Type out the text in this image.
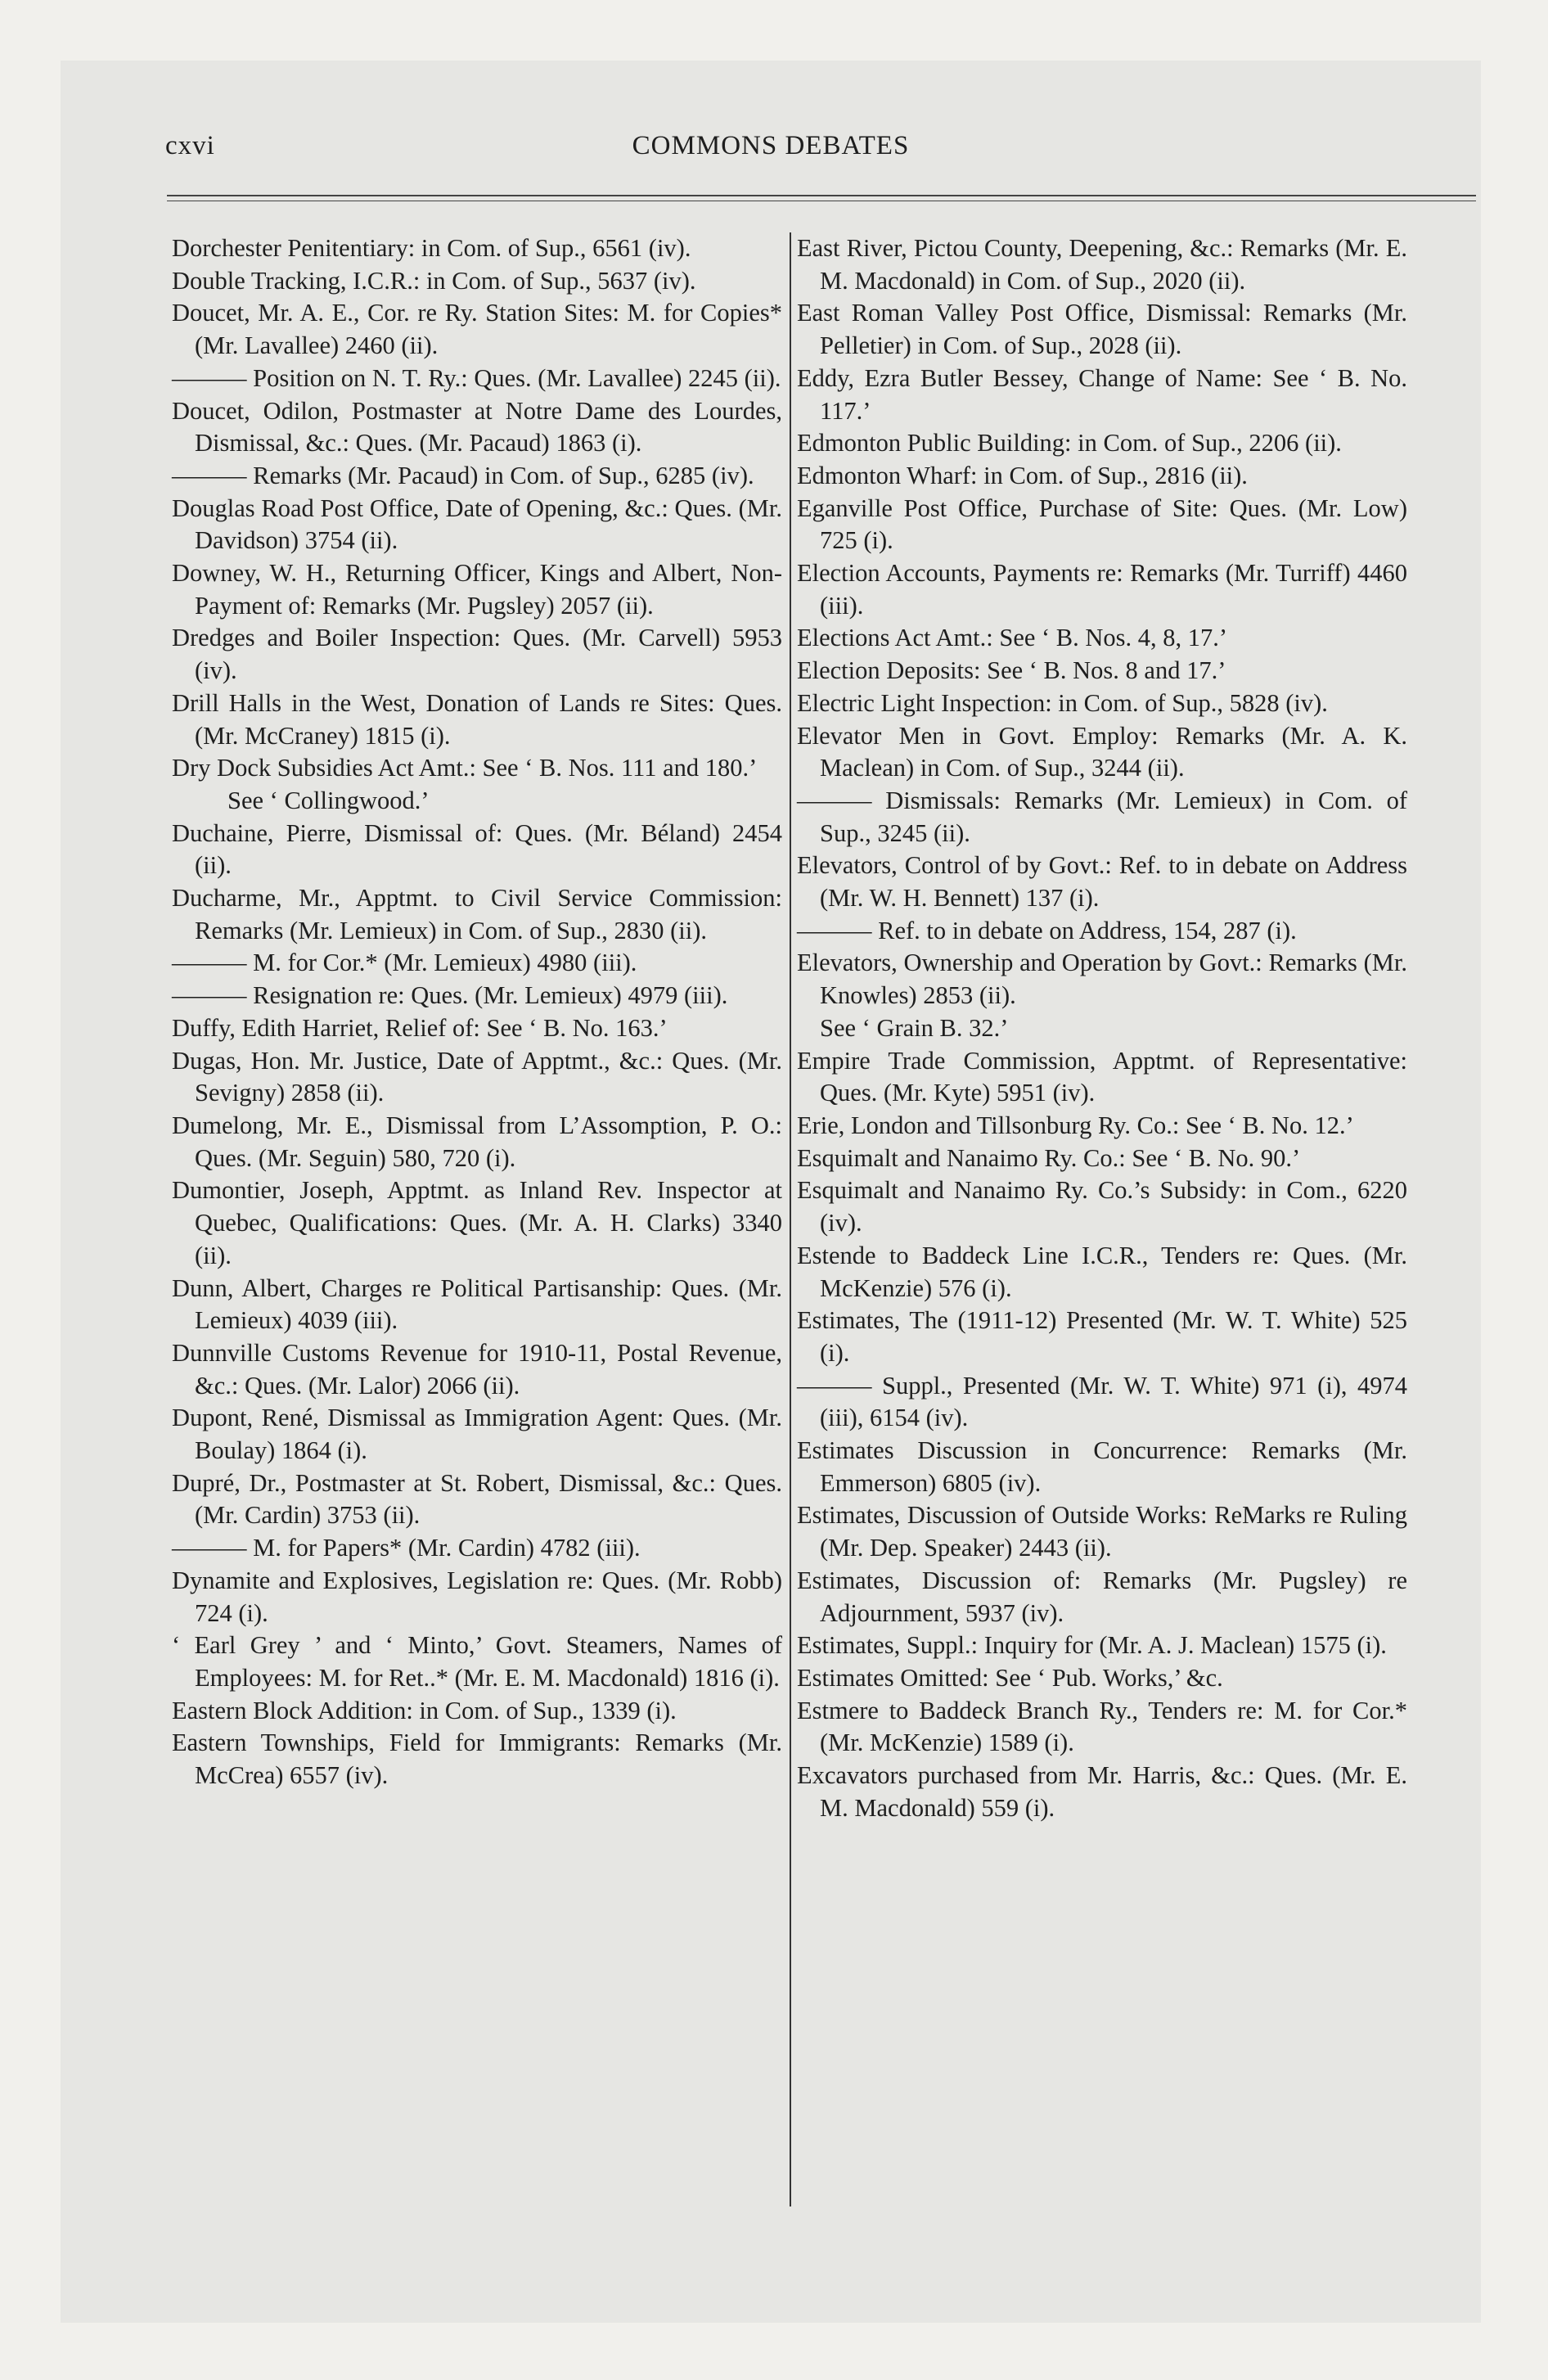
cxvi	COMMONS DEBATES

Dorchester Penitentiary: in Com. of Sup., 6561 (iv).

Double Tracking, I.C.R.: in Com. of Sup., 5637 (iv).

Doucet, Mr. A. E., Cor. re Ry. Station Sites: M. for Copies* (Mr. Lavallee) 2460 (ii).

——— Position on N. T. Ry.: Ques. (Mr. Lavallee) 2245 (ii).

Doucet, Odilon, Postmaster at Notre Dame des Lourdes, Dismissal, &c.: Ques. (Mr. Pacaud) 1863 (i).

——— Remarks (Mr. Pacaud) in Com. of Sup., 6285 (iv).

Douglas Road Post Office, Date of Opening, &c.: Ques. (Mr. Davidson) 3754 (ii).

Downey, W. H., Returning Officer, Kings and Albert, Non-Payment of: Remarks (Mr. Pugsley) 2057 (ii).

Dredges and Boiler Inspection: Ques. (Mr. Carvell) 5953 (iv).

Drill Halls in the West, Donation of Lands re Sites: Ques. (Mr. McCraney) 1815 (i).

Dry Dock Subsidies Act Amt.: See ‘ B. Nos. 111 and 180.’

See ‘ Collingwood.’

Duchaine, Pierre, Dismissal of: Ques. (Mr. Béland) 2454 (ii).

Ducharme, Mr., Apptmt. to Civil Service Commission: Remarks (Mr. Lemieux) in Com. of Sup., 2830 (ii).

——— M. for Cor.* (Mr. Lemieux) 4980 (iii).

——— Resignation re: Ques. (Mr. Lemieux) 4979 (iii).

Duffy, Edith Harriet, Relief of: See ‘ B. No. 163.’

Dugas, Hon. Mr. Justice, Date of Apptmt., &c.: Ques. (Mr. Sevigny) 2858 (ii).

Dumelong, Mr. E., Dismissal from L’Assomption, P. O.: Ques. (Mr. Seguin) 580, 720 (i).

Dumontier, Joseph, Apptmt. as Inland Rev. Inspector at Quebec, Qualifications: Ques. (Mr. A. H. Clarks) 3340 (ii).

Dunn, Albert, Charges re Political Partisanship: Ques. (Mr. Lemieux) 4039 (iii).

Dunnville Customs Revenue for 1910-11, Postal Revenue, &c.: Ques. (Mr. Lalor) 2066 (ii).

Dupont, René, Dismissal as Immigration Agent: Ques. (Mr. Boulay) 1864 (i).

Dupré, Dr., Postmaster at St. Robert, Dismissal, &c.: Ques. (Mr. Cardin) 3753 (ii).

——— M. for Papers* (Mr. Cardin) 4782 (iii).

Dynamite and Explosives, Legislation re: Ques. (Mr. Robb) 724 (i).

‘ Earl Grey ’ and ‘ Minto,’ Govt. Steamers, Names of Employees: M. for Ret..* (Mr. E. M. Macdonald) 1816 (i).

Eastern Block Addition: in Com. of Sup., 1339 (i).

Eastern Townships, Field for Immigrants: Remarks (Mr. McCrea) 6557 (iv).

East River, Pictou County, Deepening, &c.: Remarks (Mr. E. M. Macdonald) in Com. of Sup., 2020 (ii).

East Roman Valley Post Office, Dismissal: Remarks (Mr. Pelletier) in Com. of Sup., 2028 (ii).

Eddy, Ezra Butler Bessey, Change of Name: See ‘ B. No. 117.’

Edmonton Public Building: in Com. of Sup., 2206 (ii).

Edmonton Wharf: in Com. of Sup., 2816 (ii).

Eganville Post Office, Purchase of Site: Ques. (Mr. Low) 725 (i).

Election Accounts, Payments re: Remarks (Mr. Turriff) 4460 (iii).

Elections Act Amt.: See ‘ B. Nos. 4, 8, 17.’

Election Deposits: See ‘ B. Nos. 8 and 17.’

Electric Light Inspection: in Com. of Sup., 5828 (iv).

Elevator Men in Govt. Employ: Remarks (Mr. A. K. Maclean) in Com. of Sup., 3244 (ii).

——— Dismissals: Remarks (Mr. Lemieux) in Com. of Sup., 3245 (ii).

Elevators, Control of by Govt.: Ref. to in debate on Address (Mr. W. H. Bennett) 137 (i).

——— Ref. to in debate on Address, 154, 287 (i).

Elevators, Ownership and Operation by Govt.: Remarks (Mr. Knowles) 2853 (ii).

See ‘ Grain B. 32.’

Empire Trade Commission, Apptmt. of Representative: Ques. (Mr. Kyte) 5951 (iv).

Erie, London and Tillsonburg Ry. Co.: See ‘ B. No. 12.’

Esquimalt and Nanaimo Ry. Co.: See ‘ B. No. 90.’

Esquimalt and Nanaimo Ry. Co.’s Subsidy: in Com., 6220 (iv).

Estende to Baddeck Line I.C.R., Tenders re: Ques. (Mr. McKenzie) 576 (i).

Estimates, The (1911-12) Presented (Mr. W. T. White) 525 (i).

——— Suppl., Presented (Mr. W. T. White) 971 (i), 4974 (iii), 6154 (iv).

Estimates Discussion in Concurrence: Remarks (Mr. Emmerson) 6805 (iv).

Estimates, Discussion of Outside Works: ReMarks re Ruling (Mr. Dep. Speaker) 2443 (ii).

Estimates, Discussion of: Remarks (Mr. Pugsley) re Adjournment, 5937 (iv).

Estimates, Suppl.: Inquiry for (Mr. A. J. Maclean) 1575 (i).

Estimates Omitted: See ‘ Pub. Works,’ &c.

Estmere to Baddeck Branch Ry., Tenders re: M. for Cor.* (Mr. McKenzie) 1589 (i).

Excavators purchased from Mr. Harris, &c.: Ques. (Mr. E. M. Macdonald) 559 (i).
